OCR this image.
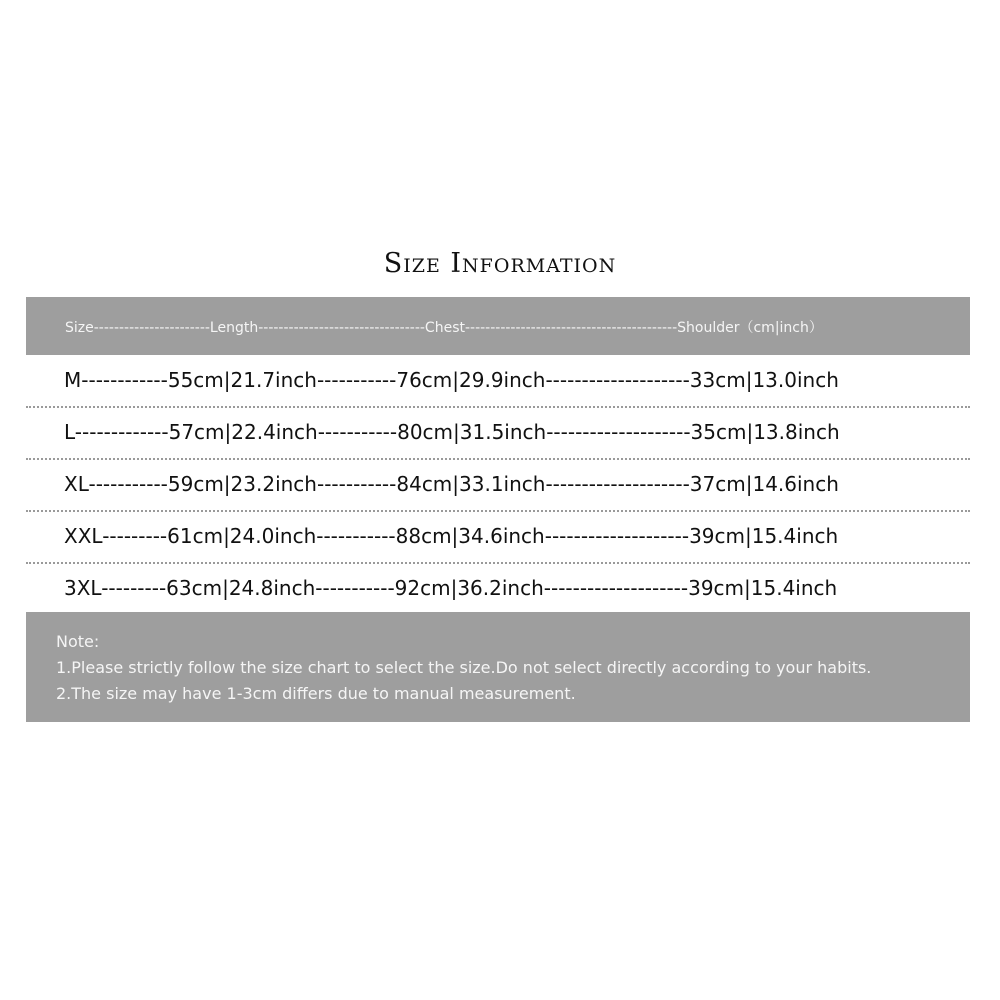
Size Information
Size-----------------------Length---------------------------------Chest------------------------------------------Shoulder（cm|inch）
M------------55cm|21.7inch-----------76cm|29.9inch--------------------33cm|13.0inch
L-------------57cm|22.4inch-----------80cm|31.5inch--------------------35cm|13.8inch
XL-----------59cm|23.2inch-----------84cm|33.1inch--------------------37cm|14.6inch
XXL---------61cm|24.0inch-----------88cm|34.6inch--------------------39cm|15.4inch
3XL---------63cm|24.8inch-----------92cm|36.2inch--------------------39cm|15.4inch
Note:
1.Please strictly follow the size chart to select the size.Do not select directly according to your habits.
2.The size may have 1-3cm differs due to manual measurement.
